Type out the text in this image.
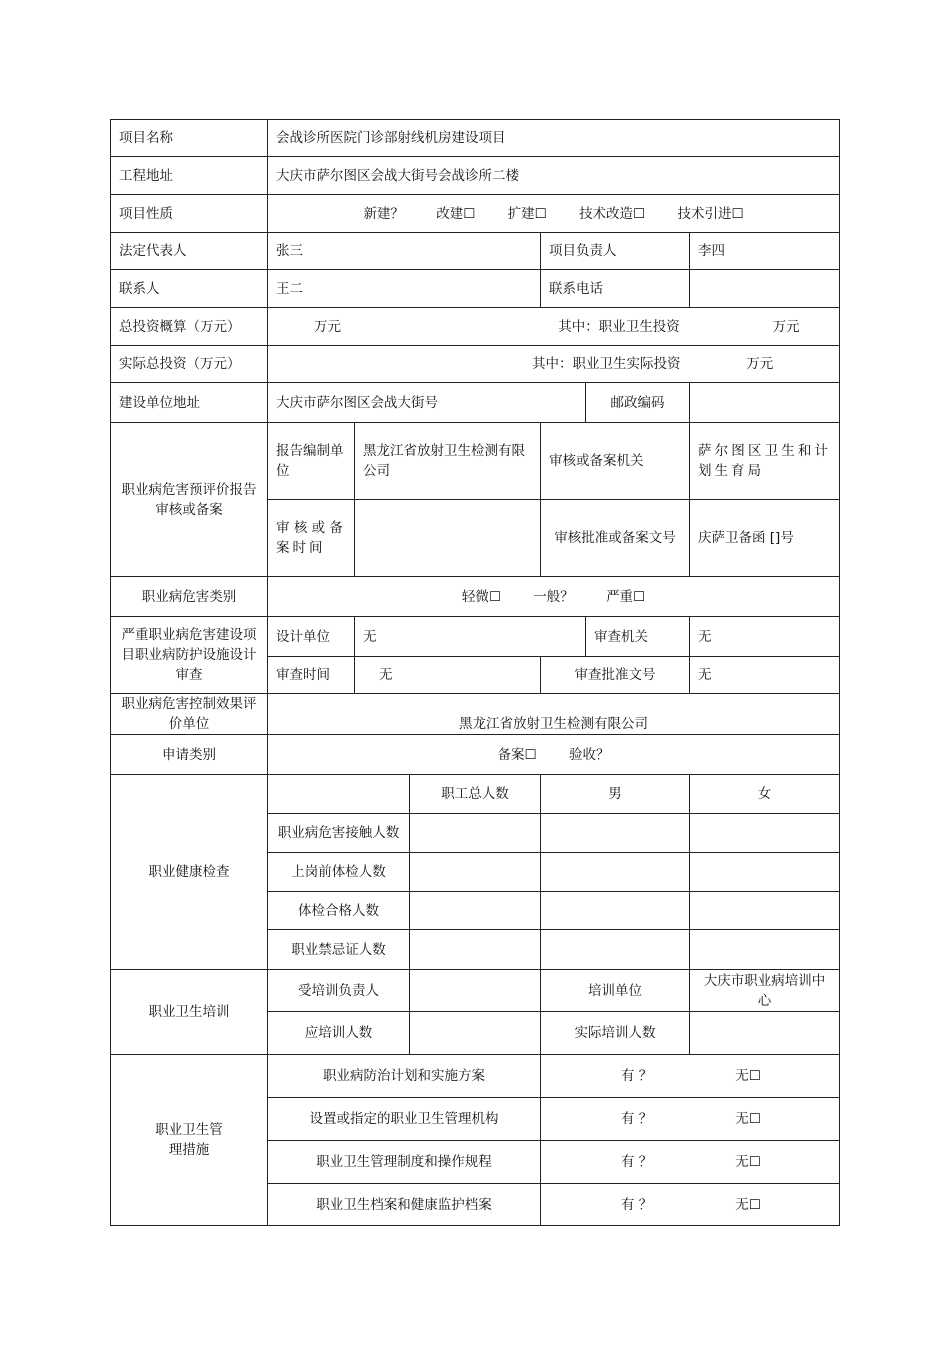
项目名称	会战诊所医院门诊部射线机房建设项目					
工程地址	大庆市萨尔图区会战大街号会战诊所二楼					
项目性质	新建？ 改建☐ 扩建☐ 技术改造☐ 技术引进☐					
法定代表人	张三			项目负责人		李四
联系人	王二			联系电话		
总投资概算（万元）	万元 其中：职业卫生投资 万元					
实际总投资（万元）	其中：职业卫生实际投资 万元					
建设单位地址	大庆市萨尔图区会战大街号				邮政编码	
职业病危害预评价报告审核或备案	报告编制单位	黑龙江省放射卫生检测有限公司		审核或备案机关		萨尔图区卫生和计划生育局
	审核或备案时间			审核批准或备案文号		庆萨卫备函 []号
职业病危害类别	轻微☐ 一般？ 严重☐					
严重职业病危害建设项目职业病防护设施设计审查	设计单位	无			审查机关	无
	审查时间	无		审查批准文号		无
职业病危害控制效果评价单位	黑龙江省放射卫生检测有限公司					
申请类别	备案☐ 验收？					
职业健康检查			职工总人数	男		女
	职业病危害接触人数					
	上岗前体检人数					
	体检合格人数					
	职业禁忌证人数					
职业卫生培训	受培训负责人			培训单位		大庆市职业病培训中心
	应培训人数			实际培训人数		
职业卫生管理措施	职业病防治计划和实施方案			有 ？ 无☐		
	设置或指定的职业卫生管理机构			有 ？ 无☐		
	职业卫生管理制度和操作规程			有 ？ 无☐		
	职业卫生档案和健康监护档案			有 ？ 无☐		
